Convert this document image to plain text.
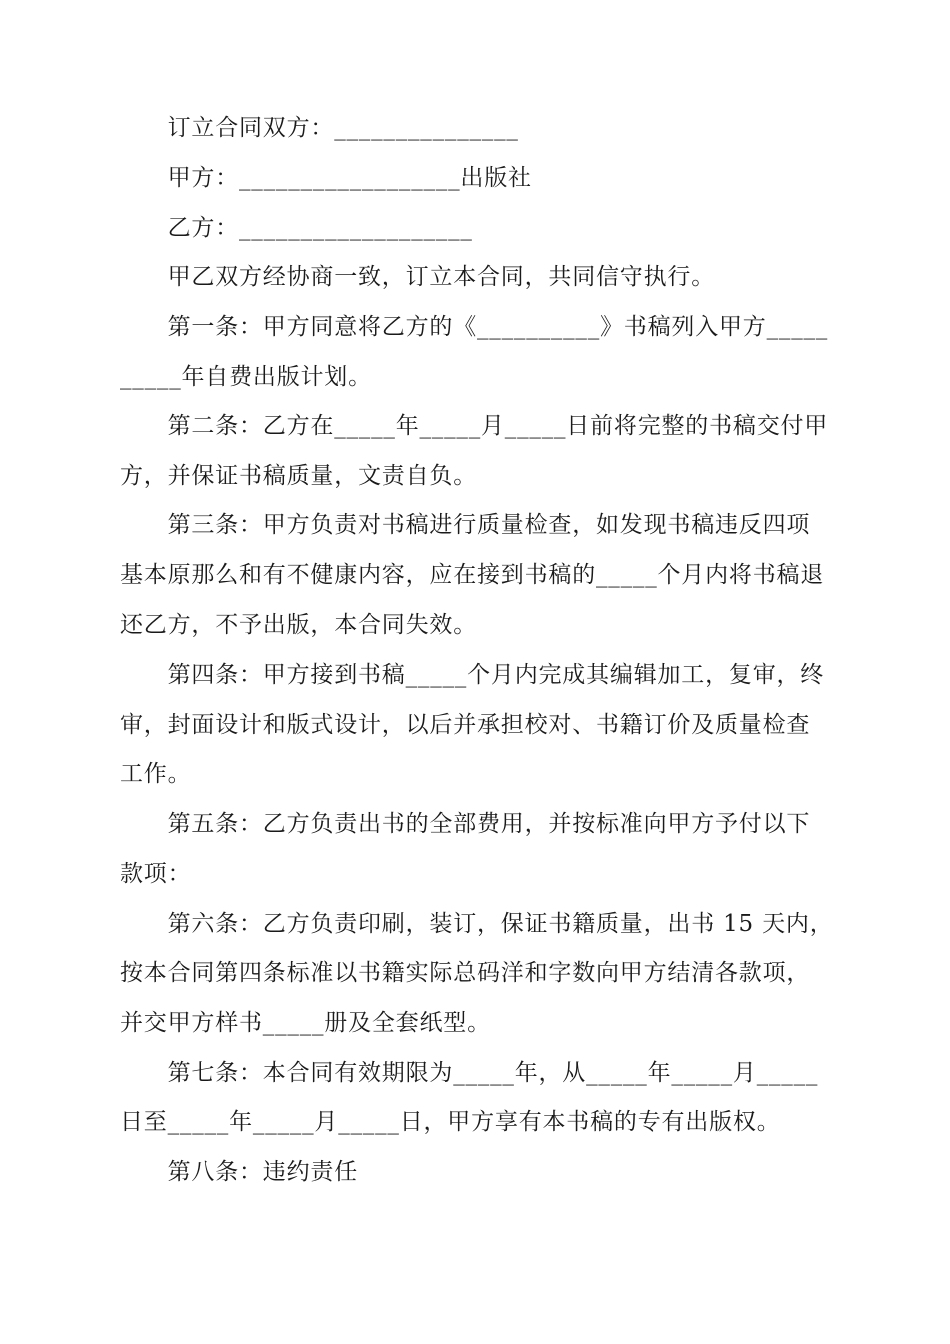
　　订立合同双方：_______________
　　甲方：__________________出版社
　　乙方：___________________
　　甲乙双方经协商一致，订立本合同，共同信守执行。
　　第一条：甲方同意将乙方的《__________》书稿列入甲方_____
_____年自费出版计划。
　　第二条：乙方在_____年_____月_____日前将完整的书稿交付甲
方，并保证书稿质量，文责自负。
　　第三条：甲方负责对书稿进行质量检查，如发现书稿违反四项
基本原那么和有不健康内容，应在接到书稿的_____个月内将书稿退
还乙方，不予出版，本合同失效。
　　第四条：甲方接到书稿_____个月内完成其编辑加工，复审，终
审，封面设计和版式设计，以后并承担校对、书籍订价及质量检查
工作。
　　第五条：乙方负责出书的全部费用，并按标准向甲方予付以下
款项：
　　第六条：乙方负责印刷，装订，保证书籍质量，出书 15 天内，
按本合同第四条标准以书籍实际总码洋和字数向甲方结清各款项，
并交甲方样书_____册及全套纸型。
　　第七条：本合同有效期限为_____年，从_____年_____月_____
日至_____年_____月_____日，甲方享有本书稿的专有出版权。
　　第八条：违约责任
